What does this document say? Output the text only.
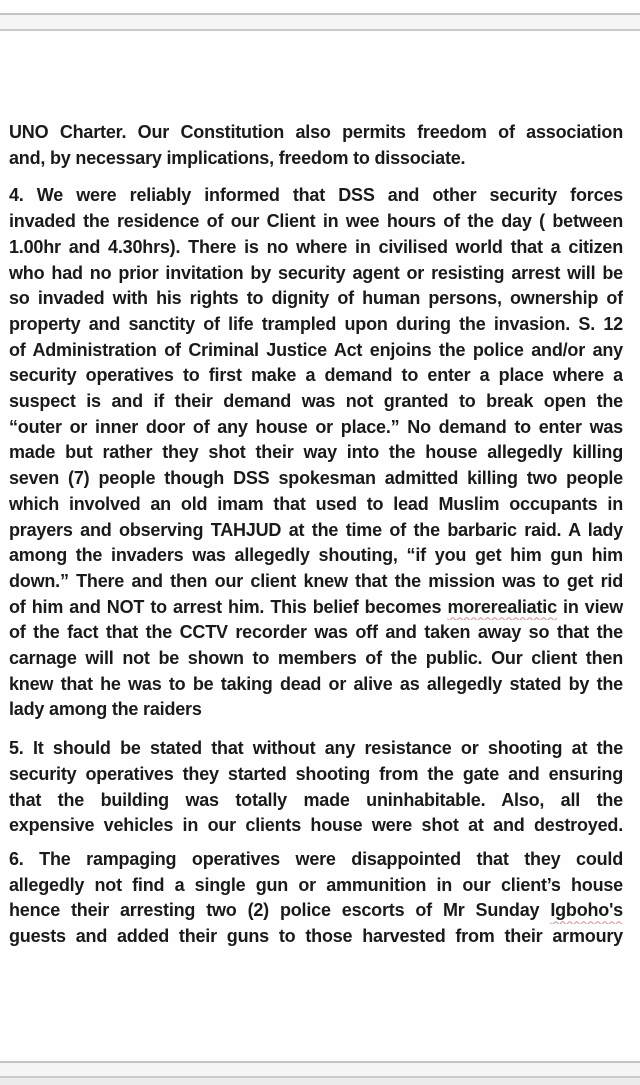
UNO Charter. Our Constitution also permits freedom of association
and, by necessary implications, freedom to dissociate.
4. We were reliably informed that DSS and other security forces
invaded the residence of our Client in wee hours of the day ( between
1.00hr and 4.30hrs). There is no where in civilised world that a citizen
who had no prior invitation by security agent or resisting arrest will be
so invaded with his rights to dignity of human persons, ownership of
property and sanctity of life trampled upon during the invasion. S. 12
of Administration of Criminal Justice Act enjoins the police and/or any
security operatives to first make a demand to enter a place where a
suspect is and if their demand was not granted to break open the
“outer or inner door of any house or place.” No demand to enter was
made but rather they shot their way into the house allegedly killing
seven (7) people though DSS spokesman admitted killing two people
which involved an old imam that used to lead Muslim occupants in
prayers and observing TAHJUD at the time of the barbaric raid. A lady
among the invaders was allegedly shouting, “if you get him gun him
down.” There and then our client knew that the mission was to get rid
of him and NOT to arrest him. This belief becomes morerealiatic in view
of the fact that the CCTV recorder was off and taken away so that the
carnage will not be shown to members of the public. Our client then
knew that he was to be taking dead or alive as allegedly stated by the
lady among the raiders
5. It should be stated that without any resistance or shooting at the
security operatives they started shooting from the gate and ensuring
that the building was totally made uninhabitable. Also, all the
expensive vehicles in our clients house were shot at and destroyed.
6. The rampaging operatives were disappointed that they could
allegedly not find a single gun or ammunition in our client’s house
hence their arresting two (2) police escorts of Mr Sunday Igboho's
guests and added their guns to those harvested from their armoury
